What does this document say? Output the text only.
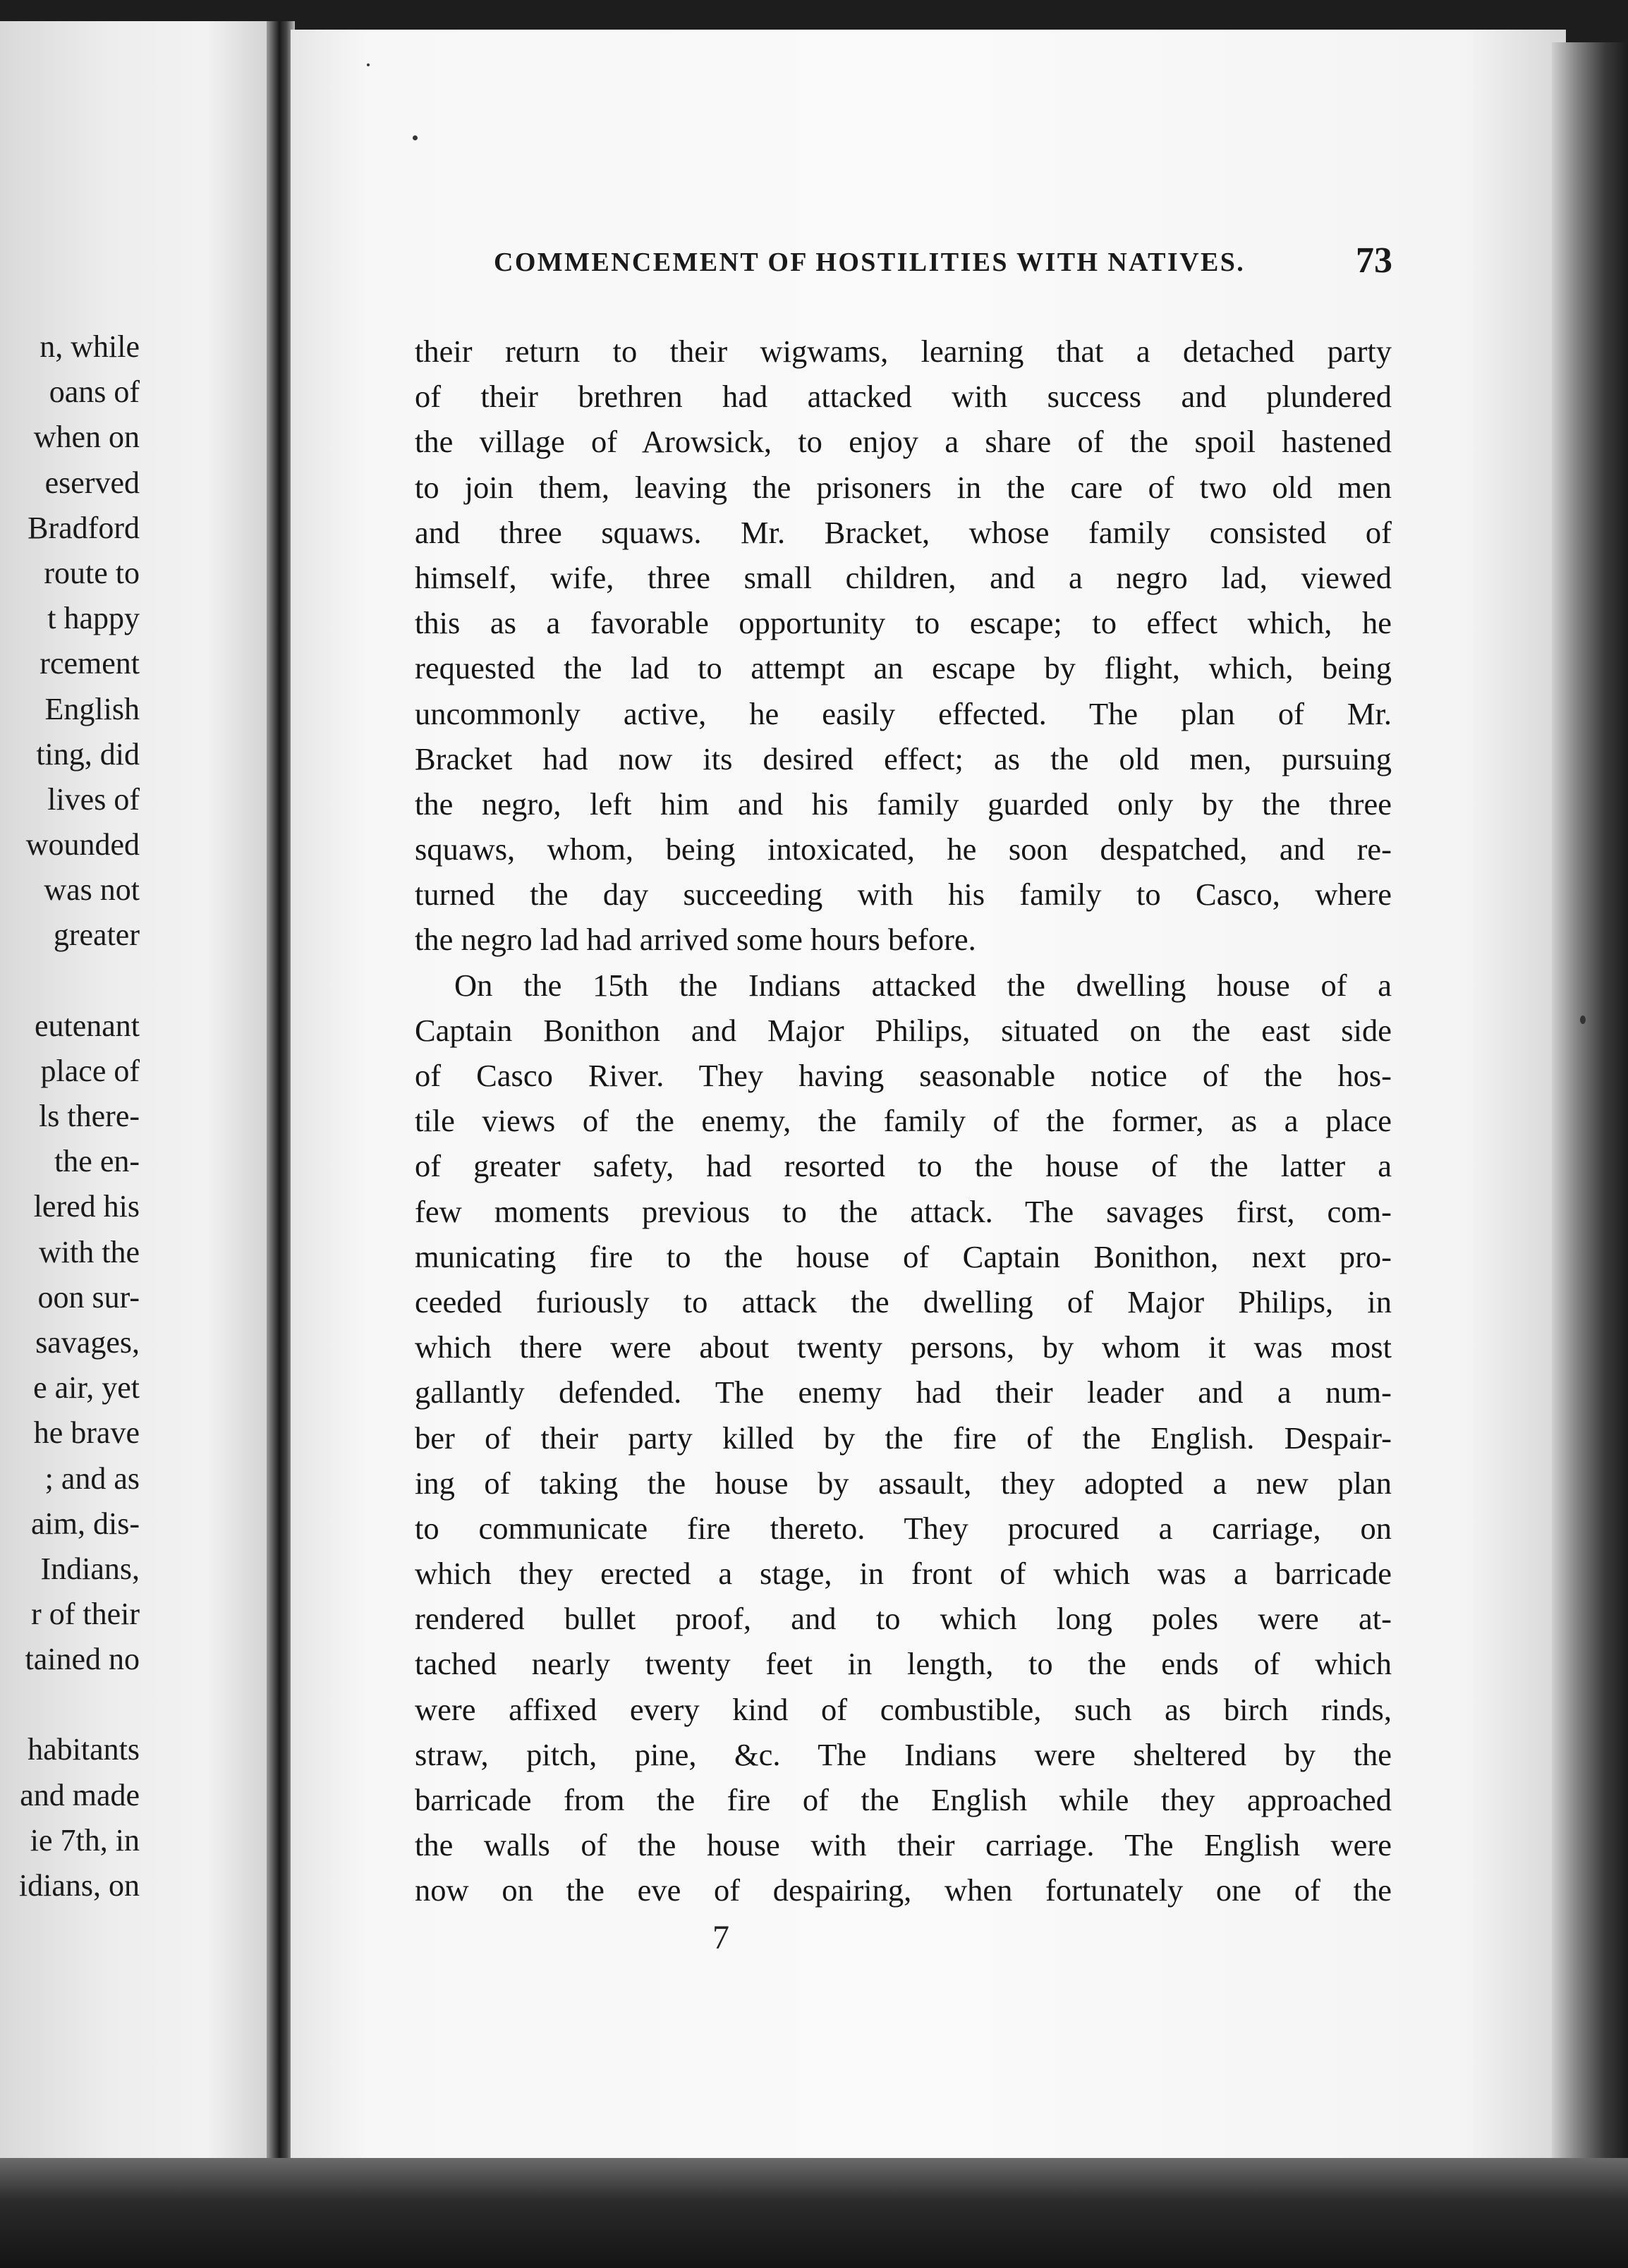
n, while
oans of
when on
eserved
Bradford
route to
t happy
rcement
English
ting, did
lives of
wounded
was not
greater
eutenant
place of
ls there-
the en-
lered his
with the
oon sur-
savages,
e air, yet
he brave
; and as
aim, dis-
Indians,
r of their
tained no
habitants
and made
ie 7th, in
idians, on
COMMENCEMENT OF HOSTILITIES WITH NATIVES.	73
their return to their wigwams, learning that a detached party
of their brethren had attacked with success and plundered
the village of Arowsick, to enjoy a share of the spoil hastened
to join them, leaving the prisoners in the care of two old men
and three squaws. Mr. Bracket, whose family consisted of
himself, wife, three small children, and a negro lad, viewed
this as a favorable opportunity to escape; to effect which, he
requested the lad to attempt an escape by flight, which, being
uncommonly active, he easily effected. The plan of Mr.
Bracket had now its desired effect; as the old men, pursuing
the negro, left him and his family guarded only by the three
squaws, whom, being intoxicated, he soon despatched, and re-
turned the day succeeding with his family to Casco, where
the negro lad had arrived some hours before.
On the 15th the Indians attacked the dwelling house of a
Captain Bonithon and Major Philips, situated on the east side
of Casco River. They having seasonable notice of the hos-
tile views of the enemy, the family of the former, as a place
of greater safety, had resorted to the house of the latter a
few moments previous to the attack. The savages first, com-
municating fire to the house of Captain Bonithon, next pro-
ceeded furiously to attack the dwelling of Major Philips, in
which there were about twenty persons, by whom it was most
gallantly defended. The enemy had their leader and a num-
ber of their party killed by the fire of the English. Despair-
ing of taking the house by assault, they adopted a new plan
to communicate fire thereto. They procured a carriage, on
which they erected a stage, in front of which was a barricade
rendered bullet proof, and to which long poles were at-
tached nearly twenty feet in length, to the ends of which
were affixed every kind of combustible, such as birch rinds,
straw, pitch, pine, &c. The Indians were sheltered by the
barricade from the fire of the English while they approached
the walls of the house with their carriage. The English were
now on the eve of despairing, when fortunately one of the
7
